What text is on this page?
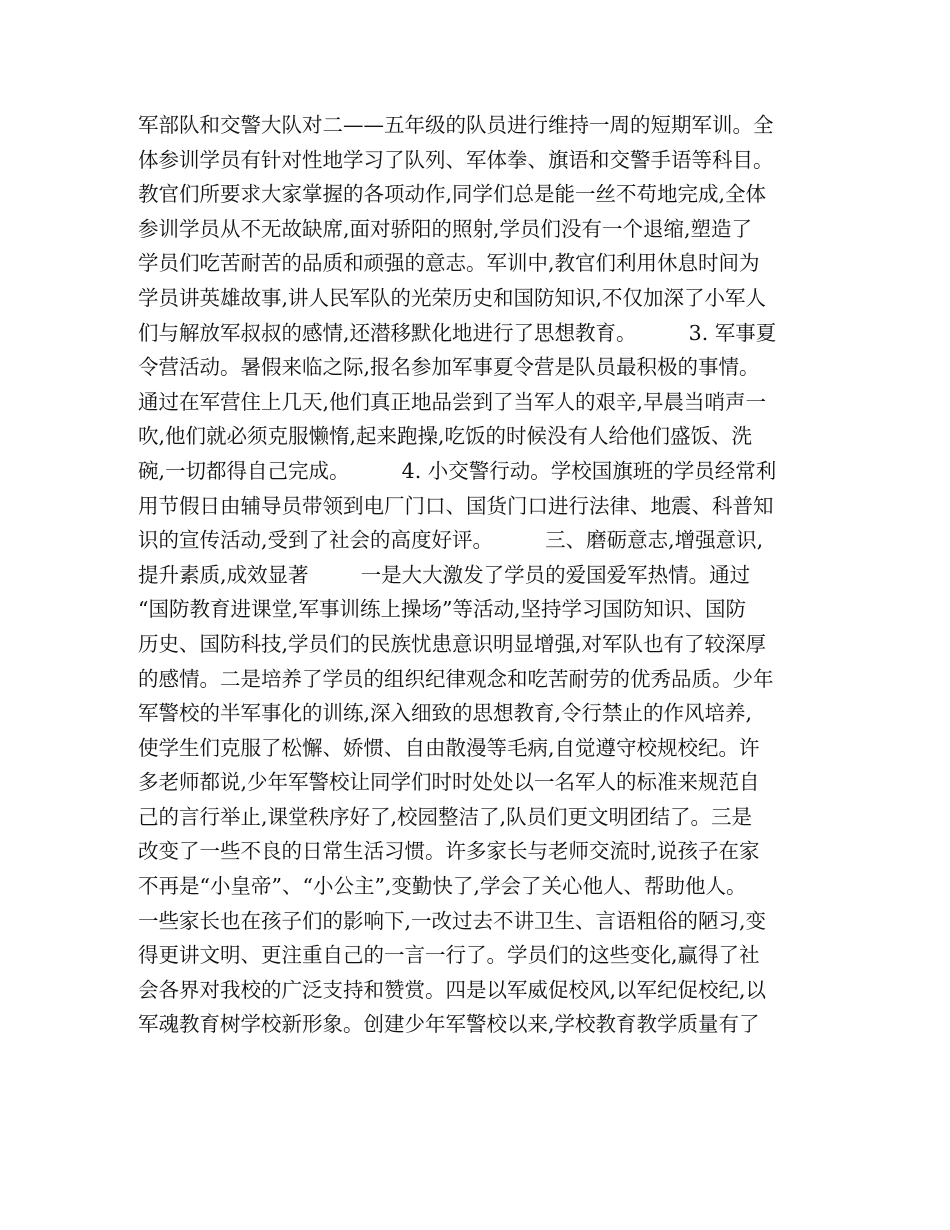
军部队和交警大队对二——五年级的队员进行维持一周的短期军训。全
体参训学员有针对性地学习了队列、军体拳、旗语和交警手语等科目。
教官们所要求大家掌握的各项动作,同学们总是能一丝不苟地完成,全体
参训学员从不无故缺席,面对骄阳的照射,学员们没有一个退缩,塑造了
学员们吃苦耐苦的品质和顽强的意志。军训中,教官们利用休息时间为
学员讲英雄故事,讲人民军队的光荣历史和国防知识,不仅加深了小军人
们与解放军叔叔的感情,还潜移默化地进行了思想教育。        3. 军事夏
令营活动。暑假来临之际,报名参加军事夏令营是队员最积极的事情。
通过在军营住上几天,他们真正地品尝到了当军人的艰辛,早晨当哨声一
吹,他们就必须克服懒惰,起来跑操,吃饭的时候没有人给他们盛饭、洗
碗,一切都得自己完成。        4. 小交警行动。学校国旗班的学员经常利
用节假日由辅导员带领到电厂门口、国货门口进行法律、地震、科普知
识的宣传活动,受到了社会的高度好评。        三、磨砺意志,增强意识,
提升素质,成效显著        一是大大激发了学员的爱国爱军热情。通过
“国防教育进课堂,军事训练上操场”等活动,坚持学习国防知识、国防
历史、国防科技,学员们的民族忧患意识明显增强,对军队也有了较深厚
的感情。二是培养了学员的组织纪律观念和吃苦耐劳的优秀品质。少年
军警校的半军事化的训练,深入细致的思想教育,令行禁止的作风培养,
使学生们克服了松懈、娇惯、自由散漫等毛病,自觉遵守校规校纪。许
多老师都说,少年军警校让同学们时时处处以一名军人的标准来规范自
己的言行举止,课堂秩序好了,校园整洁了,队员们更文明团结了。三是
改变了一些不良的日常生活习惯。许多家长与老师交流时,说孩子在家
不再是“小皇帝”、“小公主”,变勤快了,学会了关心他人、帮助他人。
一些家长也在孩子们的影响下,一改过去不讲卫生、言语粗俗的陋习,变
得更讲文明、更注重自己的一言一行了。学员们的这些变化,赢得了社
会各界对我校的广泛支持和赞赏。四是以军威促校风,以军纪促校纪,以
军魂教育树学校新形象。创建少年军警校以来,学校教育教学质量有了
